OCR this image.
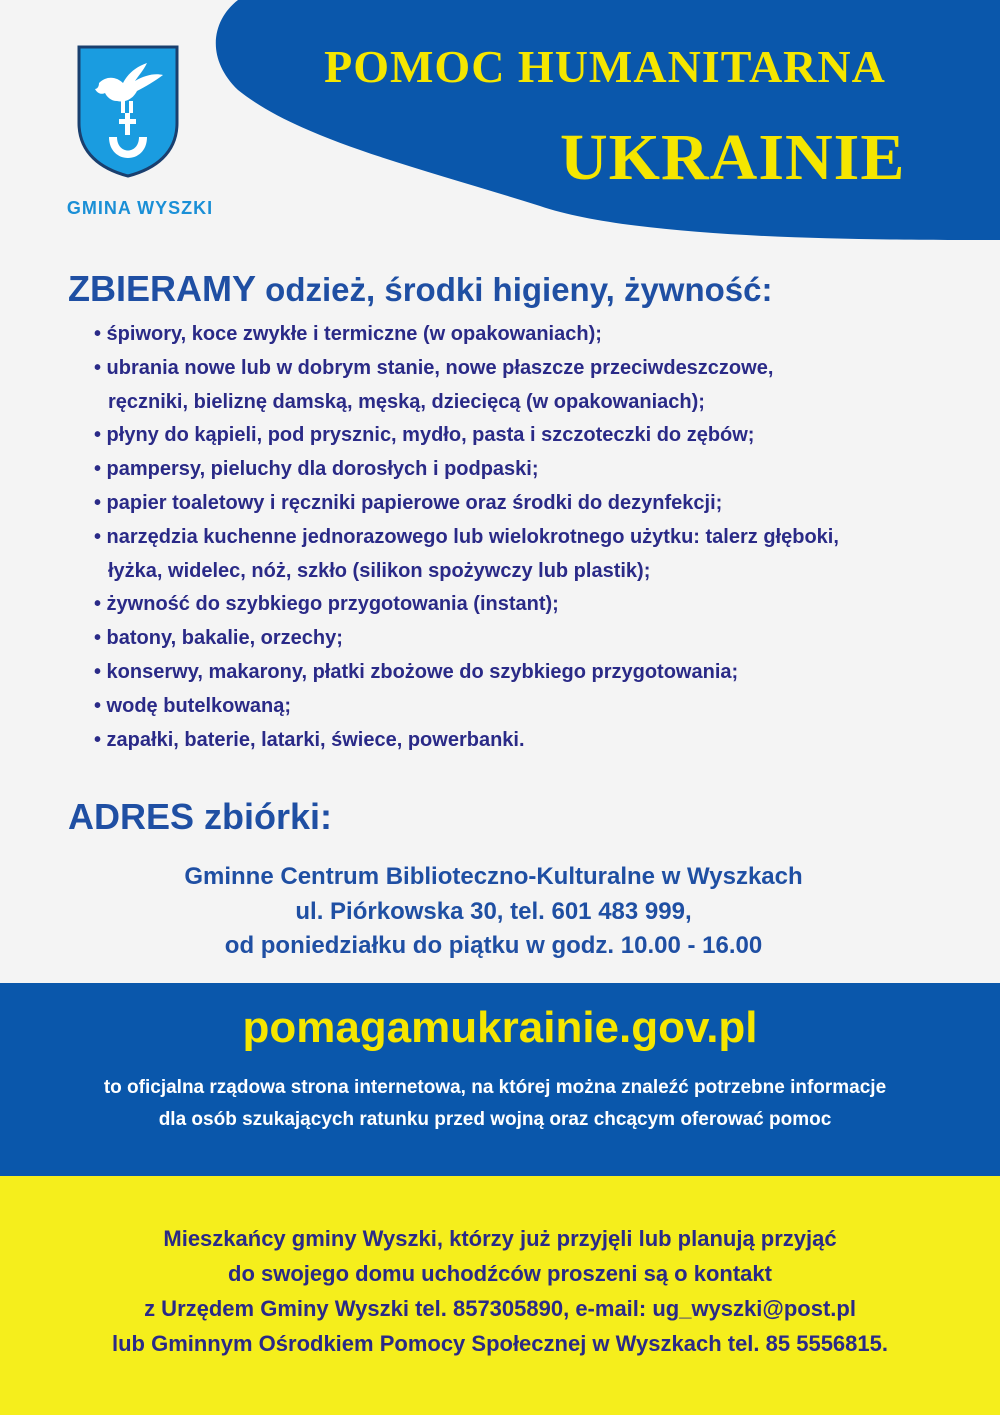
GMINA WYSZKI
POMOC HUMANITARNA
UKRAINIE
ZBIERAMY odzież, środki higieny, żywność:
• śpiwory, koce zwykłe i termiczne (w opakowaniach);
• ubrania nowe lub w dobrym stanie, nowe płaszcze przeciwdeszczowe,
ręczniki, bieliznę damską, męską, dziecięcą (w opakowaniach);
• płyny do kąpieli, pod prysznic, mydło, pasta i szczoteczki do zębów;
• pampersy, pieluchy dla dorosłych i podpaski;
• papier toaletowy i ręczniki papierowe oraz środki do dezynfekcji;
• narzędzia kuchenne jednorazowego lub wielokrotnego użytku: talerz głęboki,
łyżka, widelec, nóż, szkło (silikon spożywczy lub plastik);
• żywność do szybkiego przygotowania (instant);
• batony, bakalie, orzechy;
• konserwy, makarony, płatki zbożowe do szybkiego przygotowania;
• wodę butelkowaną;
• zapałki, baterie, latarki, świece, powerbanki.
ADRES zbiórki:
Gminne Centrum Biblioteczno-Kulturalne w Wyszkach
ul. Piórkowska 30, tel. 601 483 999,
od poniedziałku do piątku w godz. 10.00 - 16.00
pomagamukrainie.gov.pl
to oficjalna rządowa strona internetowa, na której można znaleźć potrzebne informacje
dla osób szukających ratunku przed wojną oraz chcącym oferować pomoc
Mieszkańcy gminy Wyszki, którzy już przyjęli lub planują przyjąć
do swojego domu uchodźców proszeni są o kontakt
z Urzędem Gminy Wyszki tel. 857305890, e-mail: ug_wyszki@post.pl
lub Gminnym Ośrodkiem Pomocy Społecznej w Wyszkach tel. 85 5556815.
